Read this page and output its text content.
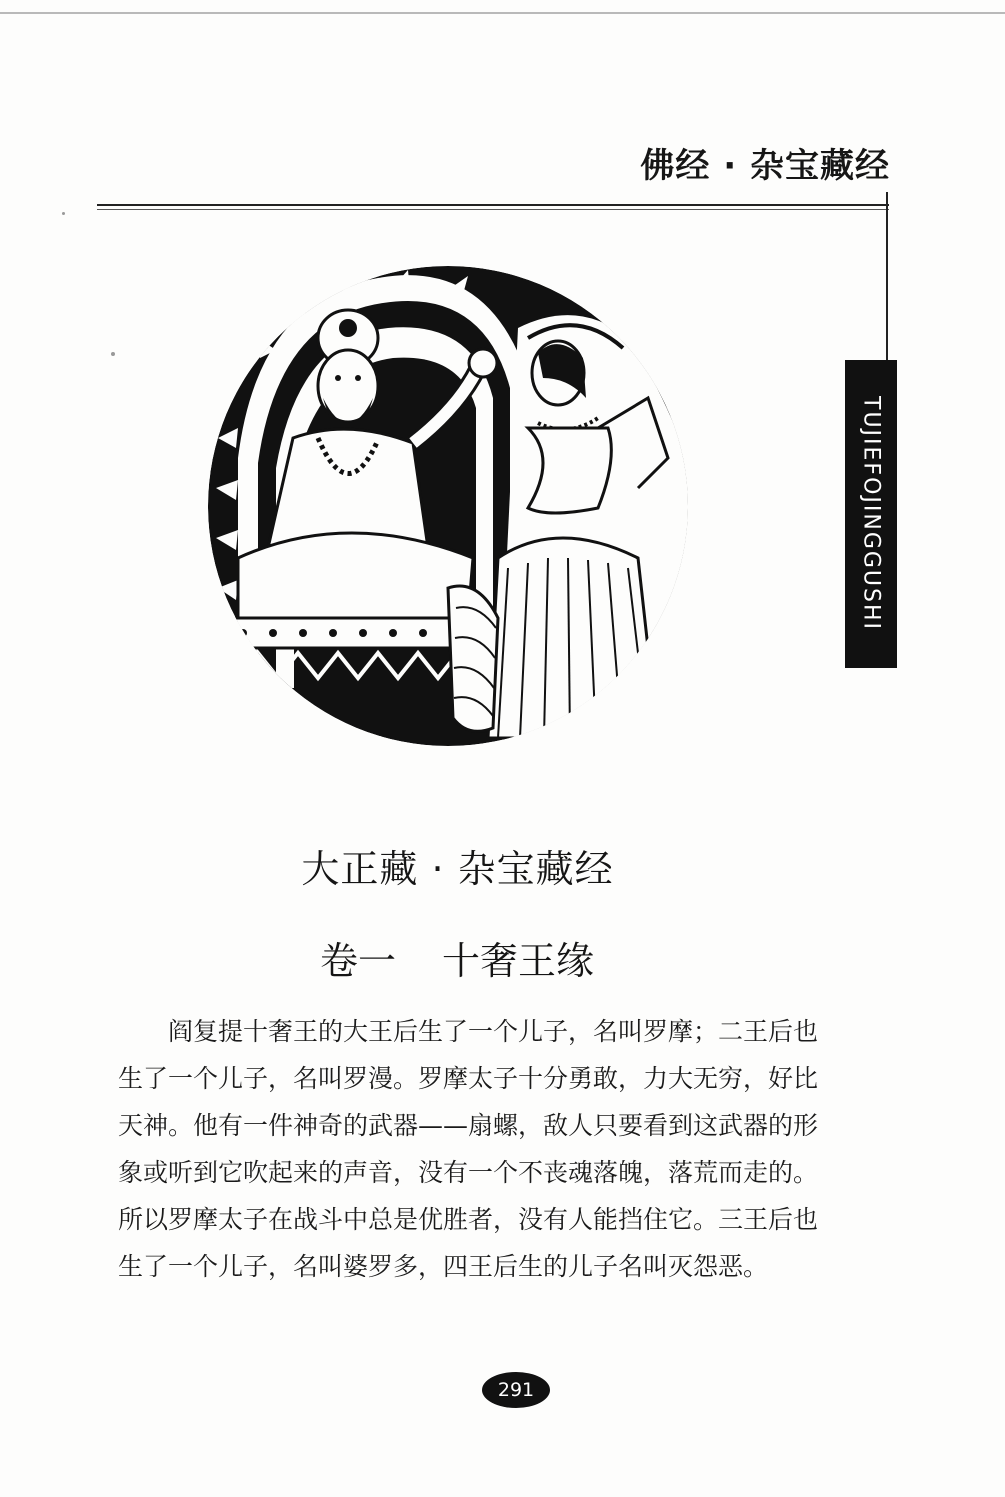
佛经 · 杂宝藏经
TUJIEFOJINGGUSHI
大正藏 · 杂宝藏经
卷一 十奢王缘
阎复提十奢王的大王后生了一个儿子，名叫罗摩；二王后也生了一个儿子，名叫罗漫。罗摩太子十分勇敢，力大无穷，好比天神。他有一件神奇的武器——扇螺，敌人只要看到这武器的形象或听到它吹起来的声音，没有一个不丧魂落魄，落荒而走的。所以罗摩太子在战斗中总是优胜者，没有人能挡住它。三王后也生了一个儿子，名叫婆罗多，四王后生的儿子名叫灭怨恶。
291
